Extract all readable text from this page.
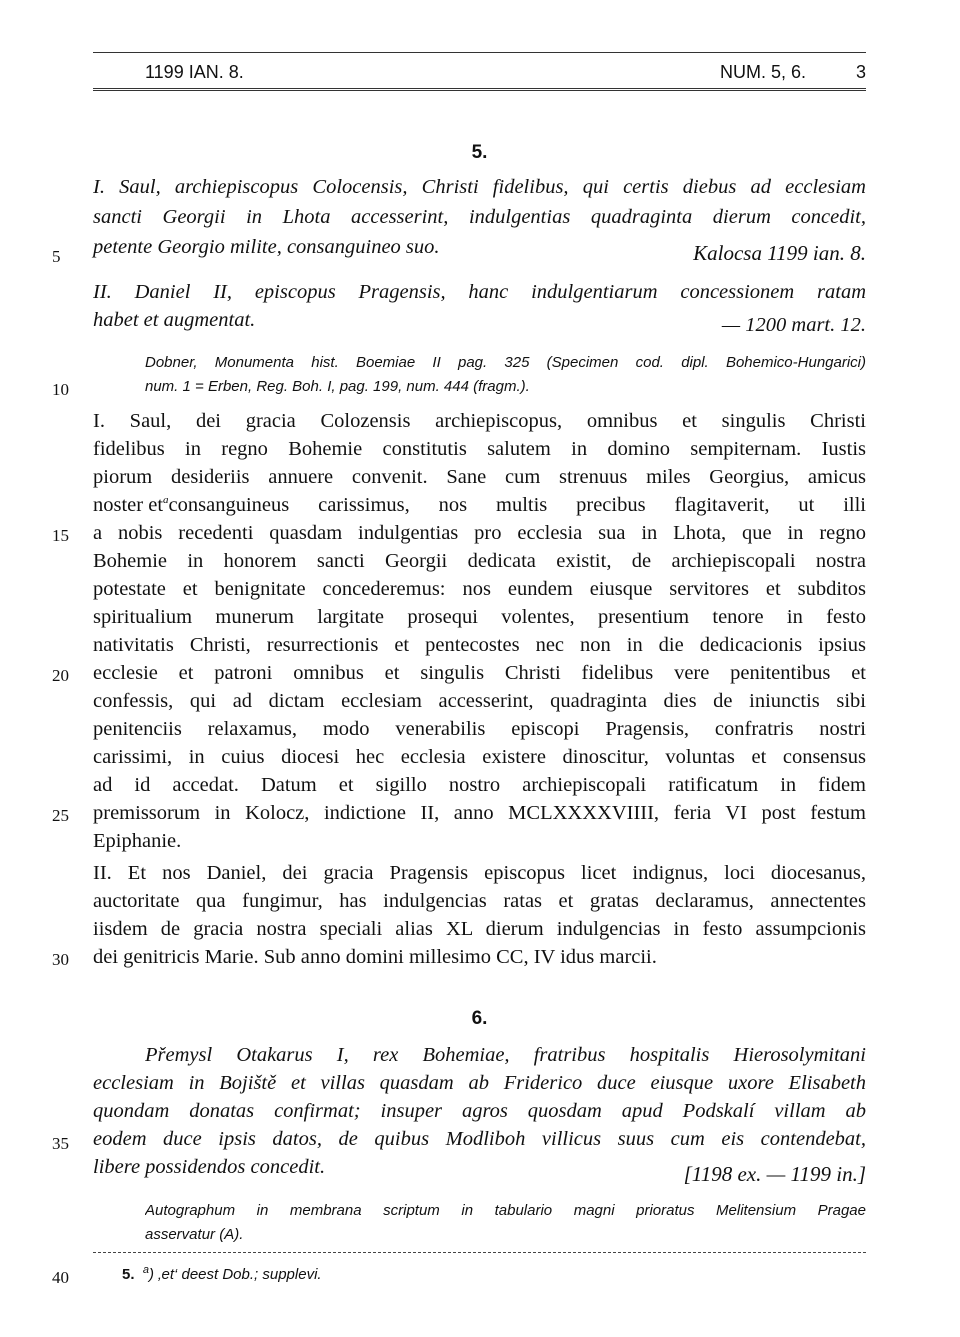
1199 IAN. 8.	NUM. 5, 6.	3
5.
I. Saul, archiepiscopus Colocensis, Christi fidelibus, qui certis diebus ad ecclesiam
sancti Georgii in Lhota accesserint, indulgentias quadraginta dierum concedit,
petente Georgio milite, consanguineo suo.	Kalocsa 1199 ian. 8.
5
II. Daniel II, episcopus Pragensis, hanc indulgentiarum concessionem ratam
habet et augmentat.	— 1200 mart. 12.
Dobner, Monumenta hist. Boemiae II pag. 325 (Specimen cod. dipl. Bohemico-Hungarici)
num. 1 = Erben, Reg. Boh. I, pag. 199, num. 444 (fragm.).
10
I. Saul, dei gracia Colozensis archiepiscopus, omnibus et singulis Christi
fidelibus in regno Bohemie constitutis salutem in domino sempiternam. Iustis
piorum desideriis annuere convenit. Sane cum strenuus miles Georgius, amicus
noster $et^a$ consanguineus carissimus, nos multis precibus flagitaverit, ut illi
a nobis recedenti quasdam indulgentias pro ecclesia sua in Lhota, que in regno
15
Bohemie in honorem sancti Georgii dedicata existit, de archiepiscopali nostra
potestate et benignitate concederemus: nos eundem eiusque servitores et subditos
spiritualium munerum largitate prosequi volentes, presentium tenore in festo
nativitatis Christi, resurrectionis et pentecostes nec non in die dedicacionis ipsius
ecclesie et patroni omnibus et singulis Christi fidelibus vere penitentibus et
20
confessis, qui ad dictam ecclesiam accesserint, quadraginta dies de iniunctis sibi
penitenciis relaxamus, modo venerabilis episcopi Pragensis, confratris nostri
carissimi, in cuius diocesi hec ecclesia existere dinoscitur, voluntas et consensus
ad id accedat. Datum et sigillo nostro archiepiscopali ratificatum in fidem
premissorum in Kolocz, indictione II, anno MCLXXXXVIIII, feria VI post festum
25
Epiphanie.
II. Et nos Daniel, dei gracia Pragensis episcopus licet indignus, loci diocesanus,
auctoritate qua fungimur, has indulgencias ratas et gratas declaramus, annectentes
iisdem de gracia nostra speciali alias XL dierum indulgencias in festo assumpcionis
dei genitricis Marie. Sub anno domini millesimo CC, IV idus marcii.
30
6.
Přemysl Otakarus I, rex Bohemiae, fratribus hospitalis Hierosolymitani
ecclesiam in Bojiště et villas quasdam ab Friderico duce eiusque uxore Elisabeth
quondam donatas confirmat; insuper agros quosdam apud Podskalí villam ab
eodem duce ipsis datos, de quibus Modliboh villicus suus cum eis contendebat,
35
libere possidendos concedit.	[1198 ex. — 1199 in.]
Autographum in membrana scriptum in tabulario magni prioratus Melitensium Pragae
asservatur (A).
40	5. $^a$) ‚et‘ deest Dob.; supplevi.
